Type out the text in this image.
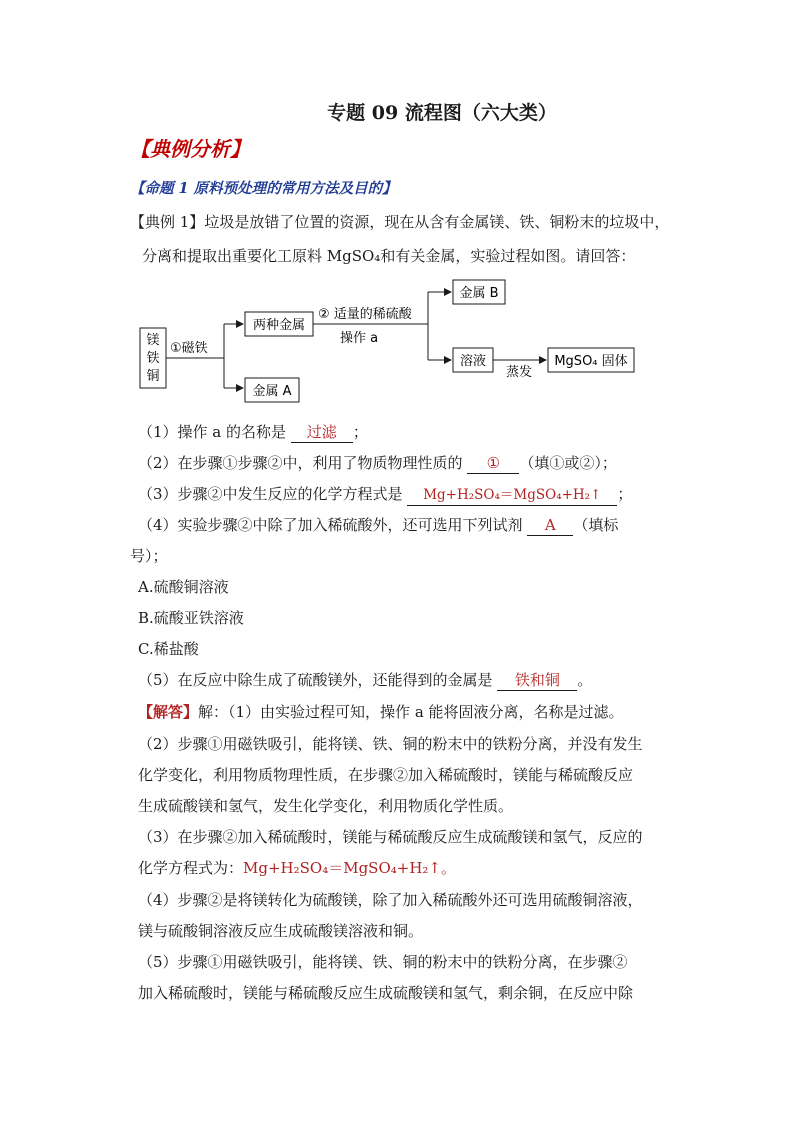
专题 09 流程图（六大类）
【典例分析】
【命题 1 原料预处理的常用方法及目的】
【典例 1】垃圾是放错了位置的资源，现在从含有金属镁、铁、铜粉末的垃圾中，
分离和提取出重要化工原料 MgSO₄和有关金属，实验过程如图。请回答：
镁
铁
铜
①磁铁
两种金属
金属 A
② 适量的稀硫酸
操作 a
金属 B
溶液
蒸发
MgSO₄ 固体
（1）操作 a 的名称是 过滤 ；
（2）在步骤①步骤②中，利用了物质物理性质的 ① （填①或②）；
（3）步骤②中发生反应的化学方程式是 Mg+H₂SO₄＝MgSO₄+H₂↑ ；
（4）实验步骤②中除了加入稀硫酸外，还可选用下列试剂 A （填标
号）；
A.硫酸铜溶液
B.硫酸亚铁溶液
C.稀盐酸
（5）在反应中除生成了硫酸镁外，还能得到的金属是 铁和铜 。
【解答】解：（1）由实验过程可知，操作 a 能将固液分离，名称是过滤。
（2）步骤①用磁铁吸引，能将镁、铁、铜的粉末中的铁粉分离，并没有发生
化学变化，利用物质物理性质，在步骤②加入稀硫酸时，镁能与稀硫酸反应
生成硫酸镁和氢气，发生化学变化，利用物质化学性质。
（3）在步骤②加入稀硫酸时，镁能与稀硫酸反应生成硫酸镁和氢气，反应的
化学方程式为：Mg+H₂SO₄＝MgSO₄+H₂↑。
（4）步骤②是将镁转化为硫酸镁，除了加入稀硫酸外还可选用硫酸铜溶液，
镁与硫酸铜溶液反应生成硫酸镁溶液和铜。
（5）步骤①用磁铁吸引，能将镁、铁、铜的粉末中的铁粉分离，在步骤②
加入稀硫酸时，镁能与稀硫酸反应生成硫酸镁和氢气，剩余铜，在反应中除
